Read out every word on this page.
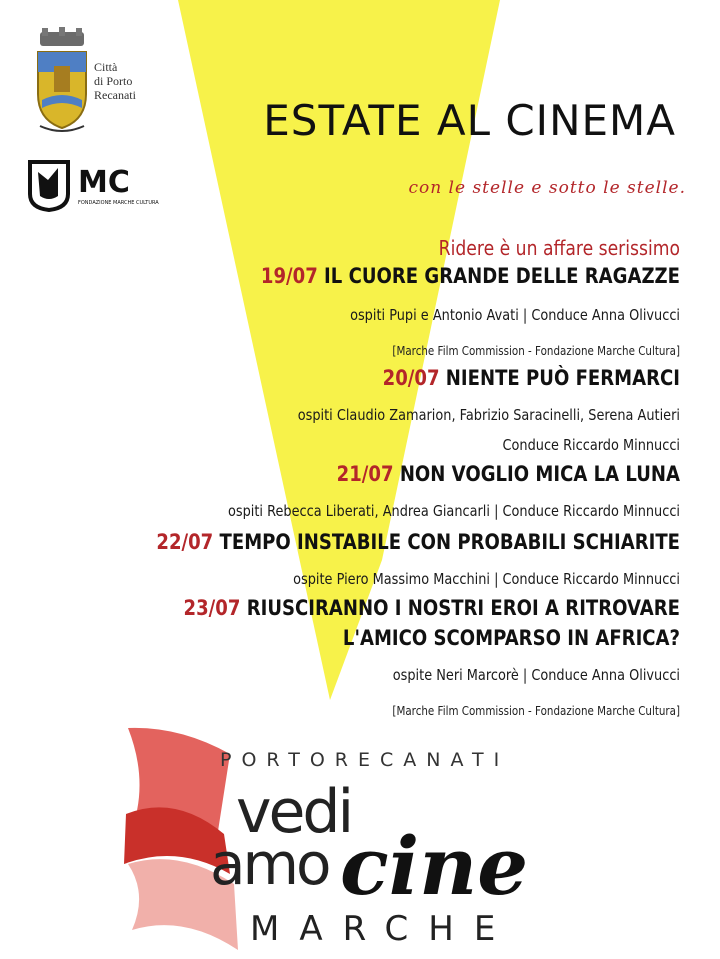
Città
di Porto
Recanati
MC
FONDAZIONE MARCHE CULTURA
ESTATE AL CINEMA
con le stelle e sotto le stelle.
Ridere è un affare serissimo
19/07 IL CUORE GRANDE DELLE RAGAZZE
ospiti Pupi e Antonio Avati | Conduce Anna Olivucci
[Marche Film Commission - Fondazione Marche Cultura]
20/07 NIENTE PUÒ FERMARCI
ospiti Claudio Zamarion, Fabrizio Saracinelli, Serena Autieri
Conduce Riccardo Minnucci
21/07 NON VOGLIO MICA LA LUNA
ospiti Rebecca Liberati, Andrea Giancarli | Conduce Riccardo Minnucci
22/07 TEMPO INSTABILE CON PROBABILI SCHIARITE
ospite Piero Massimo Macchini | Conduce Riccardo Minnucci
23/07 RIUSCIRANNO I NOSTRI EROI A RITROVARE
L'AMICO SCOMPARSO IN AFRICA?
ospite Neri Marcorè | Conduce Anna Olivucci
[Marche Film Commission - Fondazione Marche Cultura]
PORTORECANATI
vedi
amo cine
MARCHE
